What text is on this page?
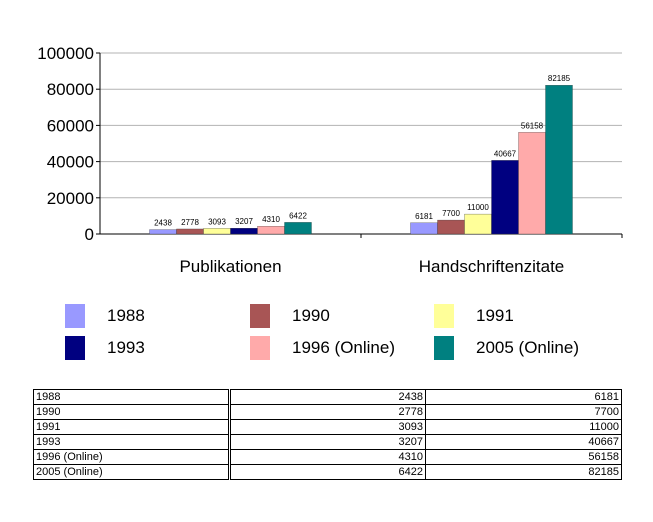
0
20000
40000
60000
80000
100000
2438 2778 3093 3207 4310 6422
Publikationen
6181 7700
11000
40667
56158
82185
Handschriftenzitate
1988	1990	1991
1993	1996 (Online)	2005 (Online)
1988	2438	6181
1990	2778	7700
1991	3093	11000
1993	3207	40667
1996 (Online)	4310	56158
2005 (Online)	6422	82185
